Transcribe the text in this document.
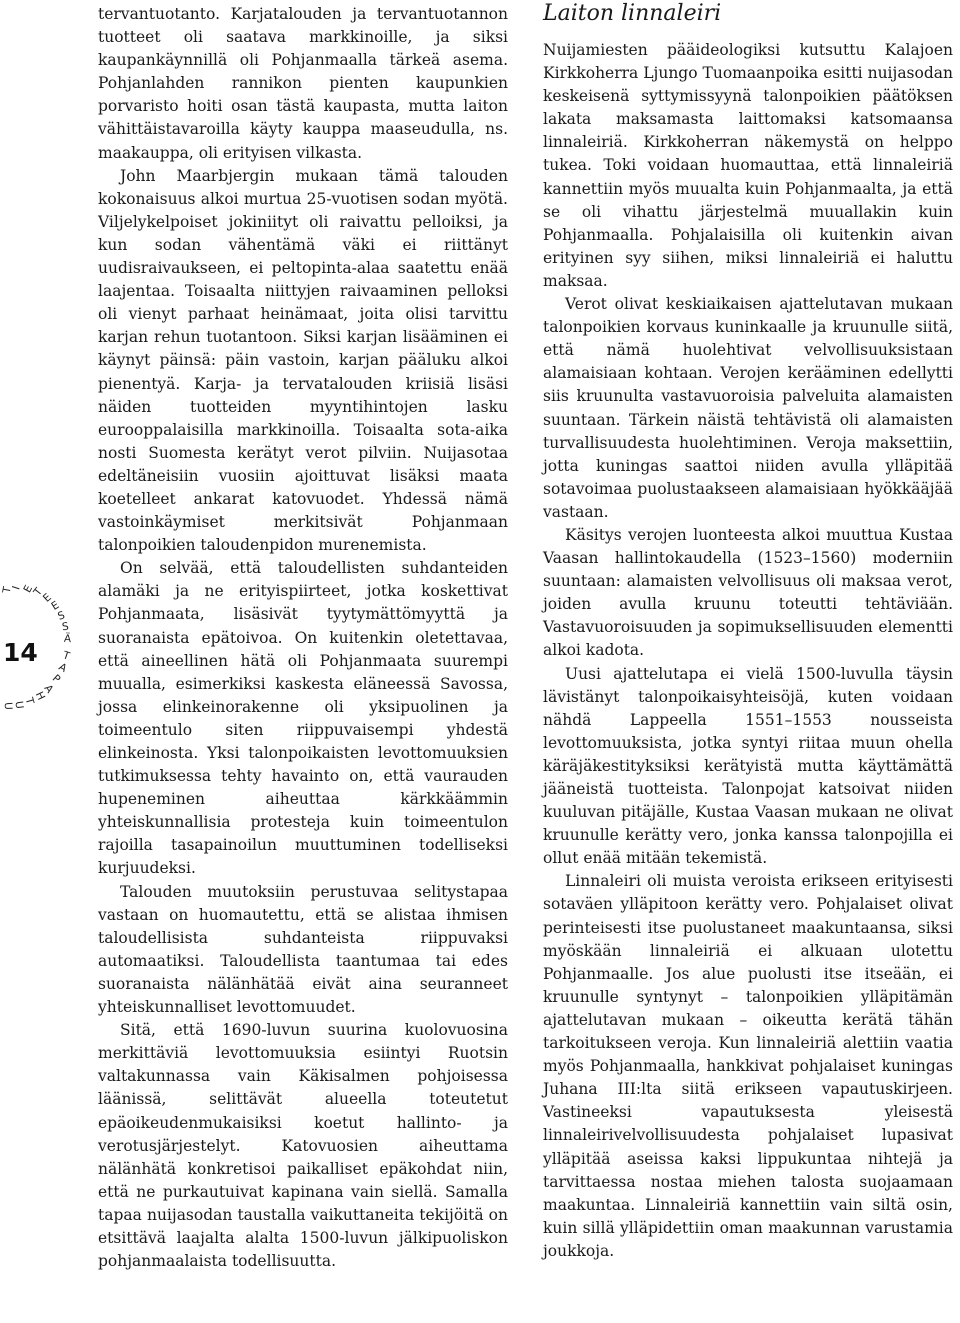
T
I
E
T
E
E
S
S
Ä
T
A
P
A
H
T
U
U
14

tervantuotanto. Karjatalouden ja tervantuotannon tuotteet oli saatava markkinoille, ja siksi kaupankäynnillä oli Pohjanmaalla tärkeä asema. Pohjanlahden rannikon pienten kaupunkien porvaristo hoiti osan tästä kaupasta, mutta laiton vähittäistavaroilla käyty kauppa maaseudulla, ns. maakauppa, oli erityisen vilkasta.

John Maarbjergin mukaan tämä talouden kokonaisuus alkoi murtua 25-vuotisen sodan myötä. Viljelykelpoiset jokiniityt oli raivattu pelloiksi, ja kun sodan vähentämä väki ei riittänyt uudisraivaukseen, ei peltopinta-alaa saatettu enää laajentaa. Toisaalta niittyjen raivaaminen pelloksi oli vienyt parhaat heinämaat, joita olisi tarvittu karjan rehun tuotantoon. Siksi karjan lisääminen ei käynyt päinsä: päin vastoin, karjan pääluku alkoi pienentyä. Karja- ja tervatalouden kriisiä lisäsi näiden tuotteiden myyntihintojen lasku eurooppalaisilla markkinoilla. Toisaalta sota-aika nosti Suomesta kerätyt verot pilviin. Nuijasotaa edeltäneisiin vuosiin ajoittuvat lisäksi maata koetelleet ankarat katovuodet. Yhdessä nämä vastoinkäymiset merkitsivät Pohjanmaan talonpoikien taloudenpidon murenemista.

On selvää, että taloudellisten suhdanteiden alamäki ja ne erityispiirteet, jotka koskettivat Pohjanmaata, lisäsivät tyytymättömyyttä ja suoranaista epätoivoa. On kuitenkin oletettavaa, että aineellinen hätä oli Pohjanmaata suurempi muualla, esimerkiksi kaskesta eläneessä Savossa, jossa elinkeinorakenne oli yksipuolinen ja toimeentulo siten riippuvaisempi yhdestä elinkeinosta. Yksi talonpoikaisten levottomuuksien tutkimuksessa tehty havainto on, että vaurauden hupeneminen aiheuttaa kärkkäämmin yhteiskunnallisia protesteja kuin toimeentulon rajoilla tasapainoilun muuttuminen todelliseksi kurjuudeksi.

Talouden muutoksiin perustuvaa selitystapaa vastaan on huomautettu, että se alistaa ihmisen taloudellisista suhdanteista riippuvaksi automaatiksi. Taloudellista taantumaa tai edes suoranaista nälänhätää eivät aina seuranneet yhteiskunnalliset levottomuudet.

Sitä, että 1690-luvun suurina kuolovuosina merkittäviä levottomuuksia esiintyi Ruotsin valtakunnassa vain Käkisalmen pohjoisessa läänissä, selittävät alueella toteutetut epäoikeudenmukaisiksi koetut hallinto- ja verotusjärjestelyt. Katovuosien aiheuttama nälänhätä konkretisoi paikalliset epäkohdat niin, että ne purkautuivat kapinana vain siellä. Samalla tapaa nuijasodan taustalla vaikuttaneita tekijöitä on etsittävä laajalta alalta 1500-luvun jälkipuoliskon pohjanmaalaista todellisuutta.

Laiton linnaleiri

Nuijamiesten pääideologiksi kutsuttu Kalajoen Kirkkoherra Ljungo Tuomaanpoika esitti nuijasodan keskeisenä syttymissyynä talonpoikien päätöksen lakata maksamasta laittomaksi katsomaansa linnaleiriä. Kirkkoherran näkemystä on helppo tukea. Toki voidaan huomauttaa, että linnaleiriä kannettiin myös muualta kuin Pohjanmaalta, ja että se oli vihattu järjestelmä muuallakin kuin Pohjanmaalla. Pohjalaisilla oli kuitenkin aivan erityinen syy siihen, miksi linnaleiriä ei haluttu maksaa.

Verot olivat keskiaikaisen ajattelutavan mukaan talonpoikien korvaus kuninkaalle ja kruunulle siitä, että nämä huolehtivat velvollisuuksistaan alamaisiaan kohtaan. Verojen kerääminen edellytti siis kruunulta vastavuoroisia palveluita alamaisten suuntaan. Tärkein näistä tehtävistä oli alamaisten turvallisuudesta huolehtiminen. Veroja maksettiin, jotta kuningas saattoi niiden avulla ylläpitää sotavoimaa puolustaakseen alamaisiaan hyökkääjää vastaan.

Käsitys verojen luonteesta alkoi muuttua Kustaa Vaasan hallintokaudella (1523–1560) moderniin suuntaan: alamaisten velvollisuus oli maksaa verot, joiden avulla kruunu toteutti tehtäviään. Vastavuoroisuuden ja sopimuksellisuuden elementti alkoi kadota.

Uusi ajattelutapa ei vielä 1500-luvulla täysin lävistänyt talonpoikaisyhteisöjä, kuten voidaan nähdä Lappeella 1551–1553 nousseista levottomuuksista, jotka syntyi riitaa muun ohella käräjäkestityksiksi kerätyistä mutta käyttämättä jääneistä tuotteista. Talonpojat katsoivat niiden kuuluvan pitäjälle, Kustaa Vaasan mukaan ne olivat kruunulle kerätty vero, jonka kanssa talonpojilla ei ollut enää mitään tekemistä.

Linnaleiri oli muista veroista erikseen erityisesti sotaväen ylläpitoon kerätty vero. Pohjalaiset olivat perinteisesti itse puolustaneet maakuntaansa, siksi myöskään linnaleiriä ei alkuaan ulotettu Pohjanmaalle. Jos alue puolusti itse itseään, ei kruunulle syntynyt – talonpoikien ylläpitämän ajattelutavan mukaan – oikeutta kerätä tähän tarkoitukseen veroja. Kun linnaleiriä alettiin vaatia myös Pohjanmaalla, hankkivat pohjalaiset kuningas Juhana III:lta siitä erikseen vapautuskirjeen. Vastineeksi vapautuksesta yleisestä linnaleirivelvollisuudesta pohjalaiset lupasivat ylläpitää aseissa kaksi lippukuntaa nihtejä ja tarvittaessa nostaa miehen talosta suojaamaan maakuntaa. Linnaleiriä kannettiin vain siltä osin, kuin sillä ylläpidettiin oman maakunnan varustamia joukkoja.
